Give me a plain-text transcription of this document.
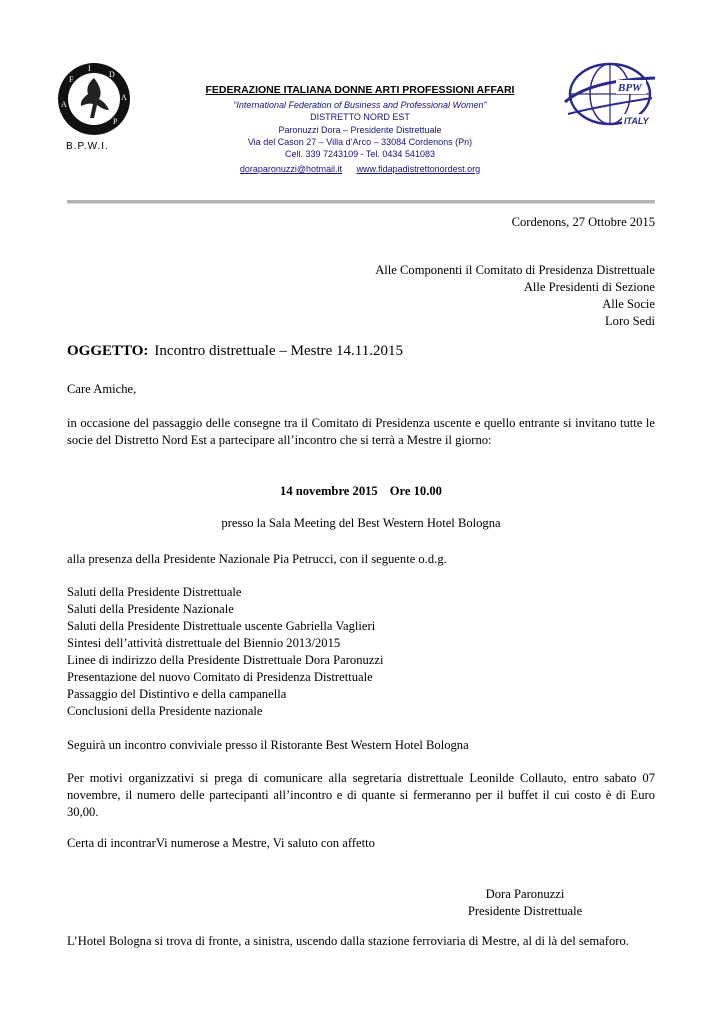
F
I
D
A
A
P
B.P.W.I.
BPW
ITALY
FEDERAZIONE ITALIANA DONNE ARTI PROFESSIONI AFFARI
“International Federation of Business and Professional Women”
DISTRETTO NORD EST
Paronuzzi Dora – Presidente Distrettuale
Via del Cason 27 – Villa d’Arco – 33084 Cordenons (Pn)
Cell. 339 7243109 - Tel. 0434 541083
doraparonuzzi@hotmail.it www.fidapadistrettonordest.org
Cordenons, 27 Ottobre 2015
Alle Componenti il Comitato di Presidenza Distrettuale
Alle Presidenti di Sezione
Alle Socie
Loro Sedi
OGGETTO: Incontro distrettuale – Mestre 14.11.2015
Care Amiche,
in occasione del passaggio delle consegne tra il Comitato di Presidenza uscente e quello entrante si invitano tutte le socie del Distretto Nord Est a partecipare all’incontro che si terrà a Mestre il giorno:
14 novembre 2015 Ore 10.00
presso la Sala Meeting del Best Western Hotel Bologna
alla presenza della Presidente Nazionale Pia Petrucci, con il seguente o.d.g.
Saluti della Presidente Distrettuale
Saluti della Presidente Nazionale
Saluti della Presidente Distrettuale uscente Gabriella Vaglieri
Sintesi dell’attività distrettuale del Biennio 2013/2015
Linee di indirizzo della Presidente Distrettuale Dora Paronuzzi
Presentazione del nuovo Comitato di Presidenza Distrettuale
Passaggio del Distintivo e della campanella
Conclusioni della Presidente nazionale
Seguirà un incontro conviviale presso il Ristorante Best Western Hotel Bologna
Per motivi organizzativi si prega di comunicare alla segretaria distrettuale Leonilde Collauto, entro sabato 07 novembre, il numero delle partecipanti all’incontro e di quante si fermeranno per il buffet il cui costo è di Euro 30,00.
Certa di incontrarVi numerose a Mestre, Vi saluto con affetto
Dora Paronuzzi
Presidente Distrettuale
L’Hotel Bologna si trova di fronte, a sinistra, uscendo dalla stazione ferroviaria di Mestre, al di là del semaforo.
